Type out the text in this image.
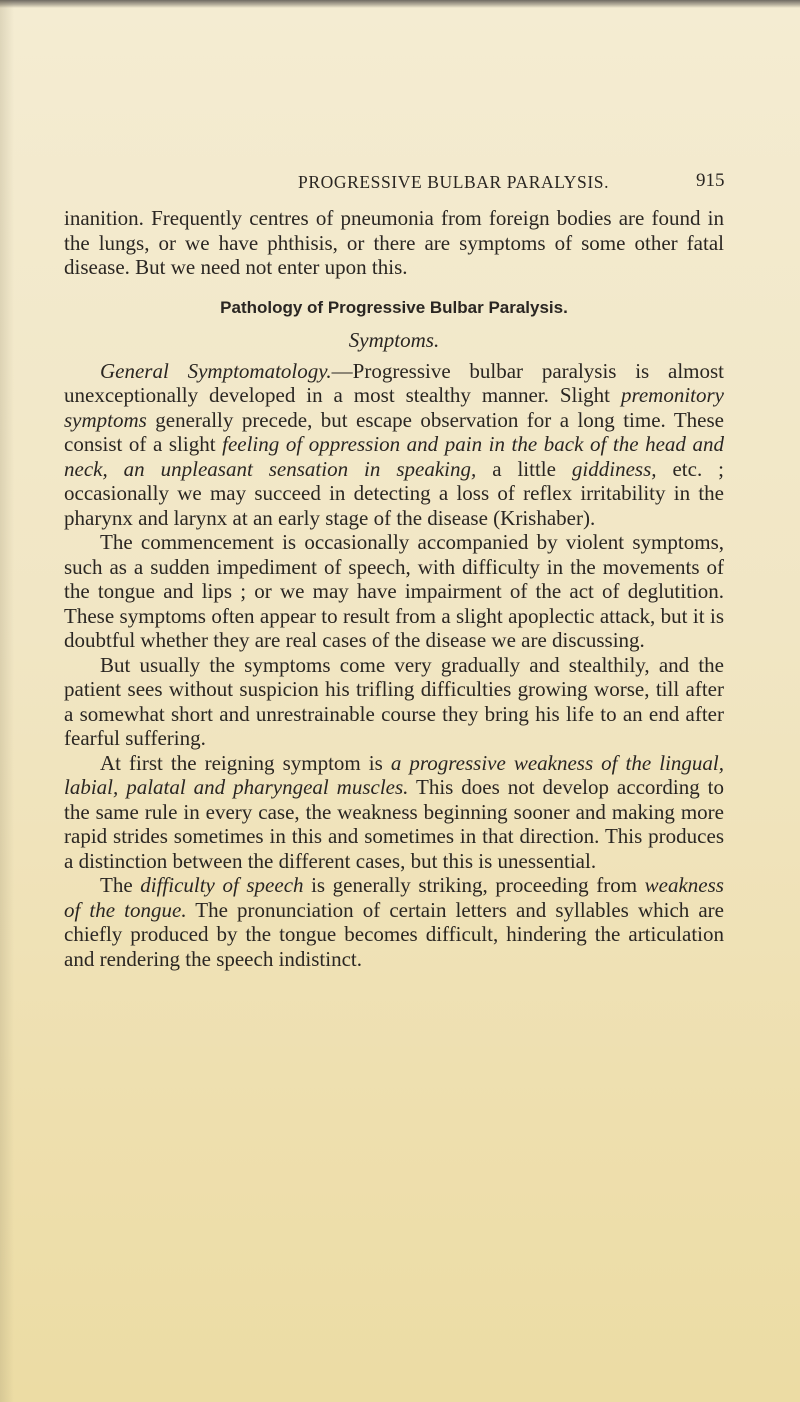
PROGRESSIVE BULBAR PARALYSIS.	915

inanition. Frequently centres of pneumonia from foreign bodies are found in the lungs, or we have phthisis, or there are symptoms of some other fatal disease. But we need not enter upon this.

Pathology of Progressive Bulbar Paralysis.

Symptoms.

General Symptomatology.—Progressive bulbar paralysis is almost unexceptionally developed in a most stealthy manner. Slight premonitory symptoms generally precede, but escape observation for a long time. These consist of a slight feeling of oppression and pain in the back of the head and neck, an unpleasant sensation in speaking, a little giddiness, etc. ; occasionally we may succeed in detecting a loss of reflex irritability in the pharynx and larynx at an early stage of the disease (Krishaber).

The commencement is occasionally accompanied by violent symptoms, such as a sudden impediment of speech, with difficulty in the movements of the tongue and lips ; or we may have impairment of the act of deglutition. These symptoms often appear to result from a slight apoplectic attack, but it is doubtful whether they are real cases of the disease we are discussing.

But usually the symptoms come very gradually and stealthily, and the patient sees without suspicion his trifling difficulties growing worse, till after a somewhat short and unrestrainable course they bring his life to an end after fearful suffering.

At first the reigning symptom is a progressive weakness of the lingual, labial, palatal and pharyngeal muscles. This does not develop according to the same rule in every case, the weakness beginning sooner and making more rapid strides sometimes in this and sometimes in that direction. This produces a distinction between the different cases, but this is unessential.

The difficulty of speech is generally striking, proceeding from weakness of the tongue. The pronunciation of certain letters and syllables which are chiefly produced by the tongue becomes difficult, hindering the articulation and rendering the speech indistinct.
